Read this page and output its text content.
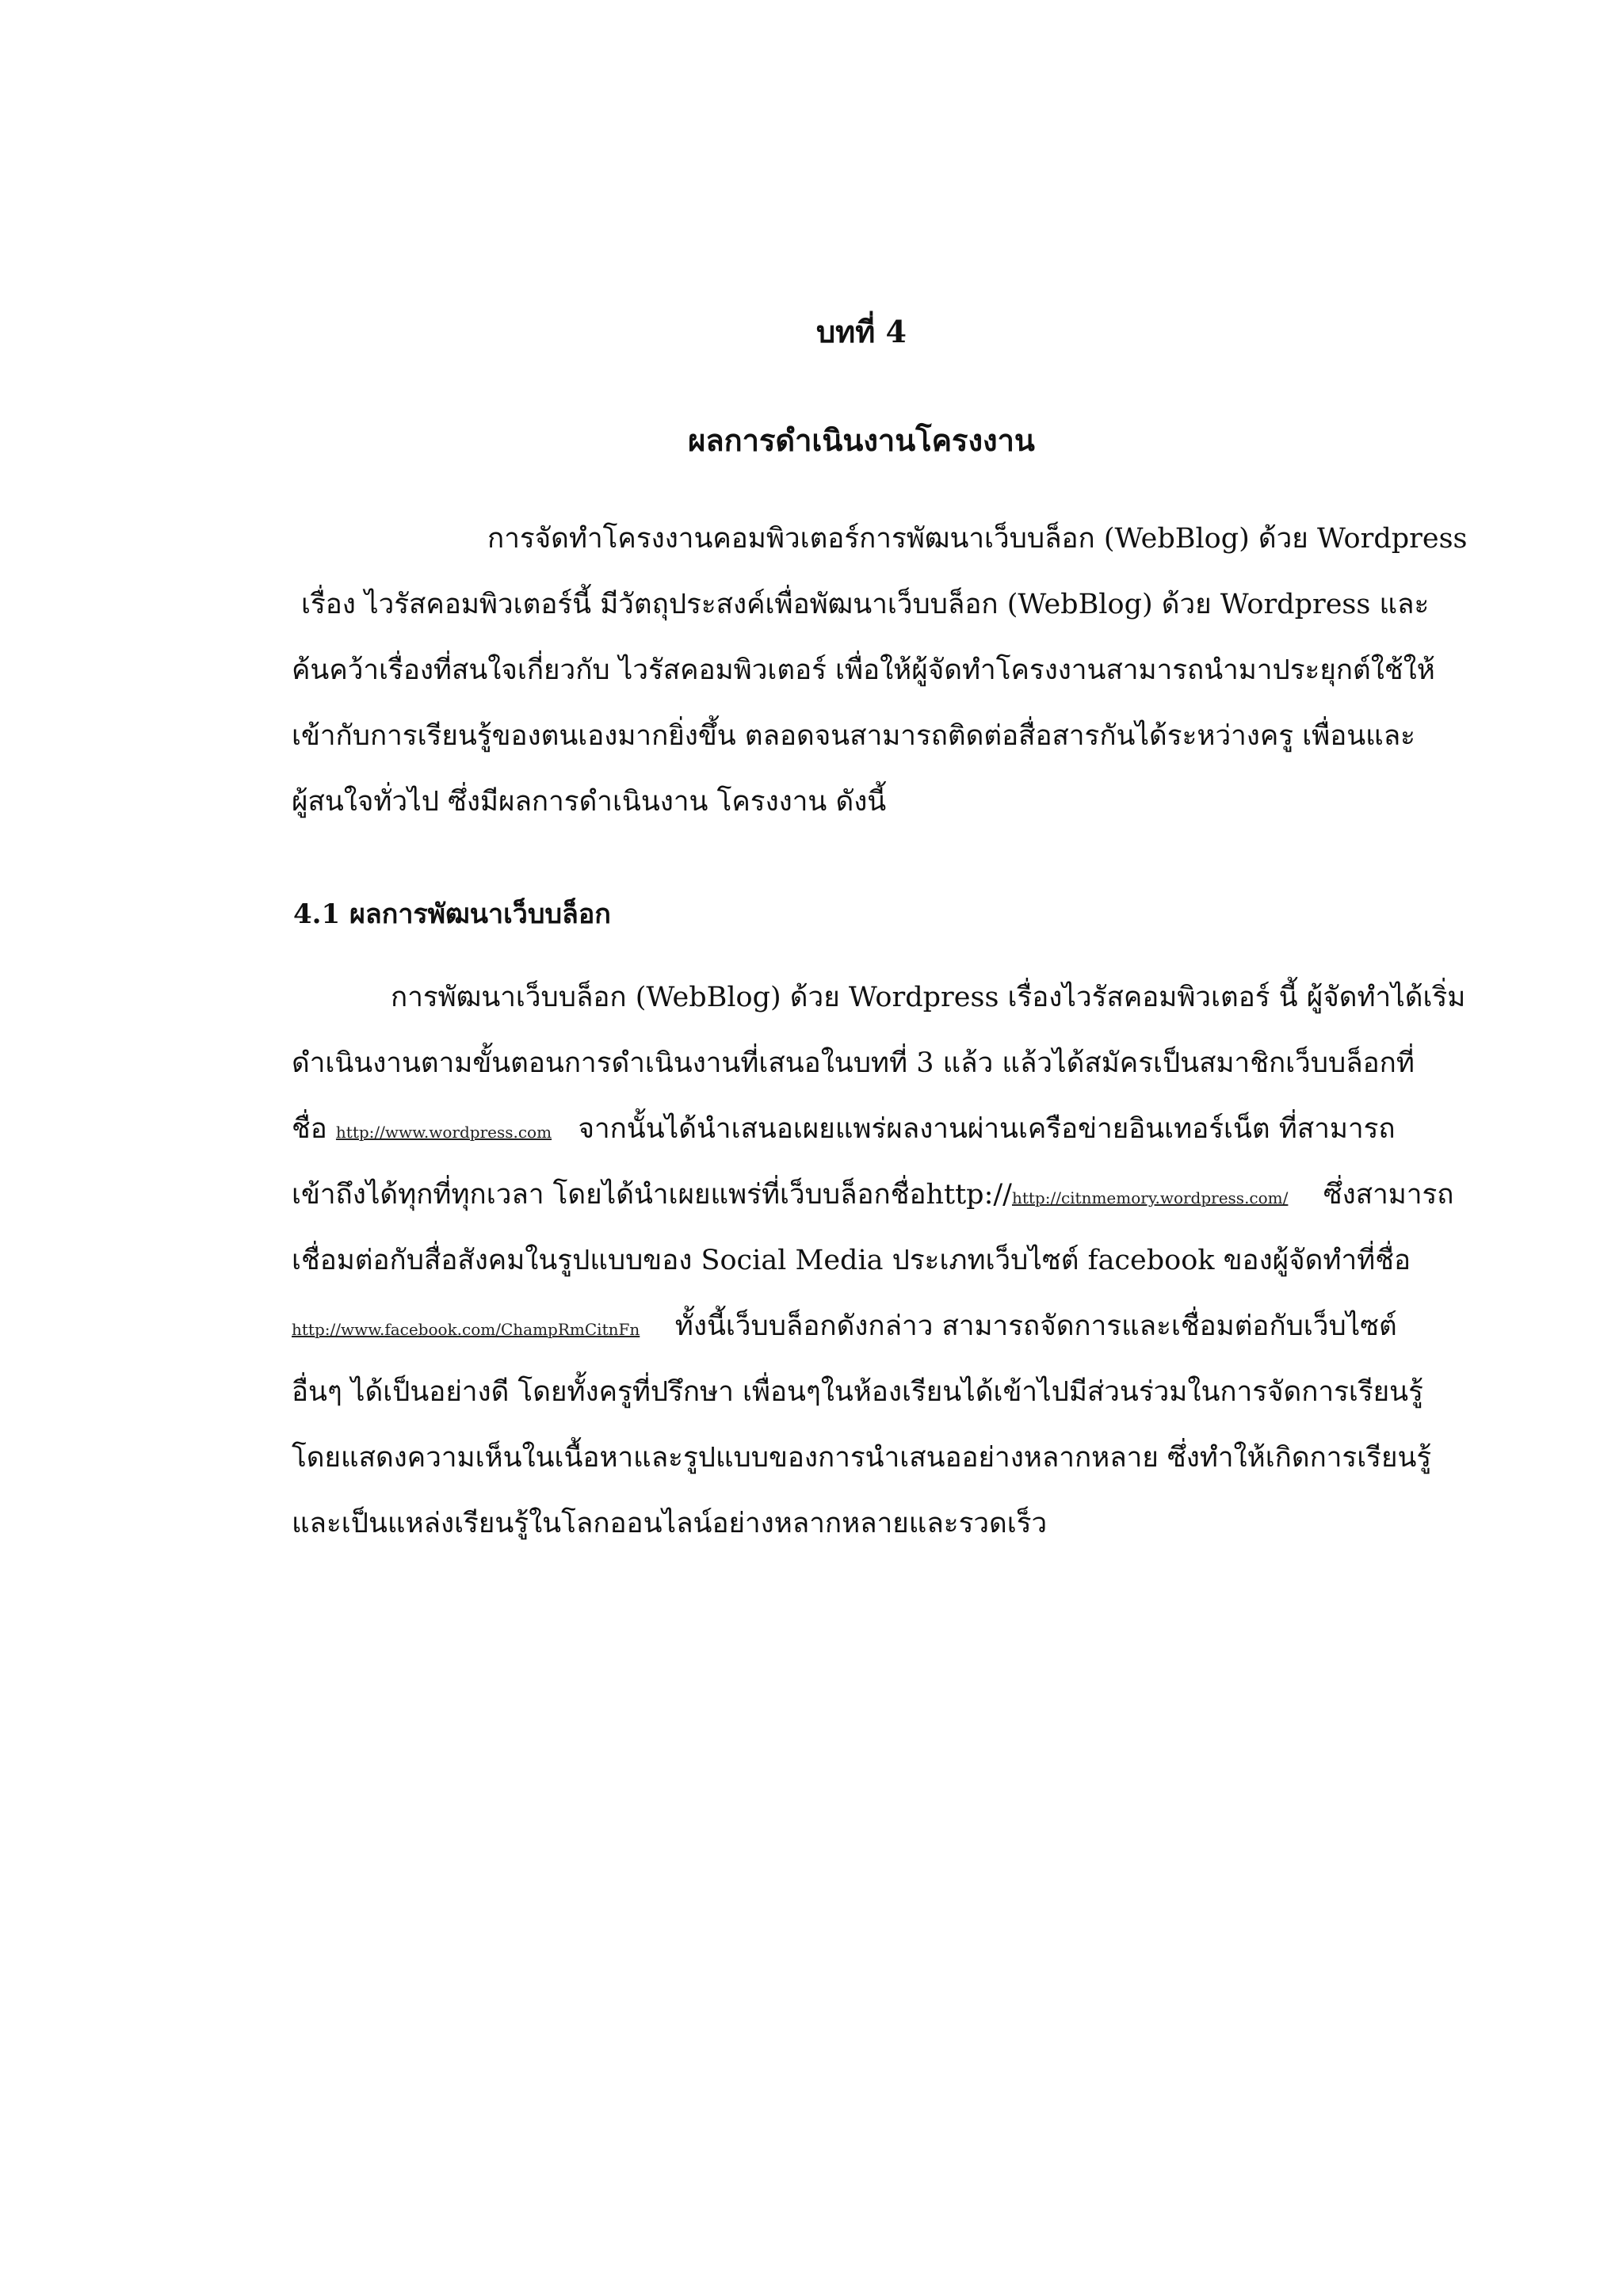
บทที่ 4
ผลการดำเนินงานโครงงาน
การจัดทำโครงงานคอมพิวเตอร์การพัฒนาเว็บบล็อก (WebBlog) ด้วย Wordpress
เรื่อง ไวรัสคอมพิวเตอร์นี้ มีวัตถุประสงค์เพื่อพัฒนาเว็บบล็อก (WebBlog) ด้วย Wordpress และ
ค้นคว้าเรื่องที่สนใจเกี่ยวกับ ไวรัสคอมพิวเตอร์ เพื่อให้ผู้จัดทำโครงงานสามารถนำมาประยุกต์ใช้ให้
เข้ากับการเรียนรู้ของตนเองมากยิ่งขึ้น ตลอดจนสามารถติดต่อสื่อสารกันได้ระหว่างครู เพื่อนและ
ผู้สนใจทั่วไป ซึ่งมีผลการดำเนินงาน โครงงาน ดังนี้
4.1 ผลการพัฒนาเว็บบล็อก
การพัฒนาเว็บบล็อก (WebBlog) ด้วย Wordpress เรื่องไวรัสคอมพิวเตอร์ นี้ ผู้จัดทำได้เริ่ม
ดำเนินงานตามขั้นตอนการดำเนินงานที่เสนอในบทที่ 3 แล้ว แล้วได้สมัครเป็นสมาชิกเว็บบล็อกที่
ชื่อ http://www.wordpress.com จากนั้นได้นำเสนอเผยแพร่ผลงานผ่านเครือข่ายอินเทอร์เน็ต ที่สามารถ
เข้าถึงได้ทุกที่ทุกเวลา โดยได้นำเผยแพร่ที่เว็บบล็อกชื่อhttp://http://citnmemory.wordpress.com/ ซึ่งสามารถ
เชื่อมต่อกับสื่อสังคมในรูปแบบของ Social Media ประเภทเว็บไซต์ facebook ของผู้จัดทำที่ชื่อ
http://www.facebook.com/ChampRmCitnFn ทั้งนี้เว็บบล็อกดังกล่าว สามารถจัดการและเชื่อมต่อกับเว็บไซต์
อื่นๆ ได้เป็นอย่างดี โดยทั้งครูที่ปรึกษา เพื่อนๆในห้องเรียนได้เข้าไปมีส่วนร่วมในการจัดการเรียนรู้
โดยแสดงความเห็นในเนื้อหาและรูปแบบของการนำเสนออย่างหลากหลาย ซึ่งทำให้เกิดการเรียนรู้
และเป็นแหล่งเรียนรู้ในโลกออนไลน์อย่างหลากหลายและรวดเร็ว
